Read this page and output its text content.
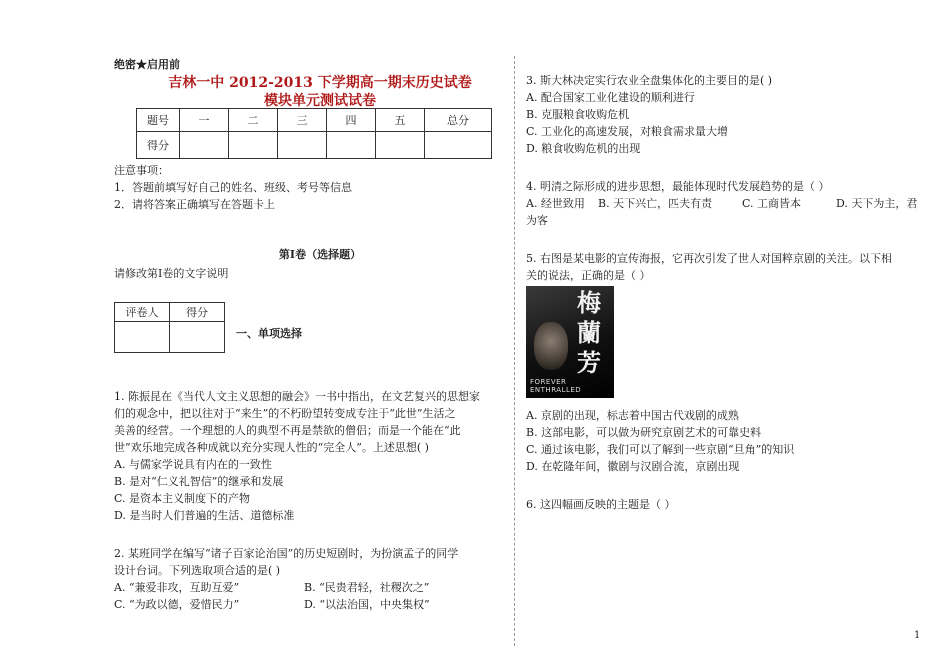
绝密★启用前
吉林一中 2012-2013 下学期高一期末历史试卷
模块单元测试试卷
题号	一	二	三	四	五	总分
得分						
注意事项：
1．答题前填写好自己的姓名、班级、考号等信息
2．请将答案正确填写在答题卡上
第Ⅰ卷（选择题）
请修改第Ⅰ卷的文字说明
评卷人	得分

一、单项选择
1. 陈振昆在《当代人文主义思想的融会》一书中指出，在文艺复兴的思想家
们的观念中，把以往对于“来生”的不朽盼望转变成专注于“此世”生活之
美善的经营。一个理想的人的典型不再是禁欲的僧侣；而是一个能在“此
世”欢乐地完成各种成就以充分实现人性的“完全人”。上述思想( )
A. 与儒家学说具有内在的一致性
B. 是对“仁义礼智信”的继承和发展
C. 是资本主义制度下的产物
D. 是当时人们普遍的生活、道德标准
2. 某班同学在编写“诸子百家论治国”的历史短剧时，为扮演孟子的同学
设计台词。下列选取项合适的是( )
A. “兼爱非攻，互助互爱”	B. “民贵君轻，社稷次之”
C. “为政以德，爱惜民力”	D. “以法治国，中央集权”
3. 斯大林决定实行农业全盘集体化的主要目的是( )
A. 配合国家工业化建设的顺利进行
B. 克服粮食收购危机
C. 工业化的高速发展，对粮食需求量大增
D. 粮食收购危机的出现
4. 明清之际形成的进步思想，最能体现时代发展趋势的是（ ）
A. 经世致用 B. 天下兴亡，匹夫有责	C. 工商皆本	D. 天下为主，君
为客
5. 右图是某电影的宣传海报，它再次引发了世人对国粹京剧的关注。以下相
关的说法，正确的是（ ）
梅蘭芳
FOREVER ENTHRALLED
A. 京剧的出现，标志着中国古代戏剧的成熟
B. 这部电影，可以做为研究京剧艺术的可靠史料
C. 通过该电影，我们可以了解到一些京剧“旦角”的知识
D. 在乾隆年间，徽剧与汉剧合流，京剧出现
6. 这四幅画反映的主题是（ ）
1
